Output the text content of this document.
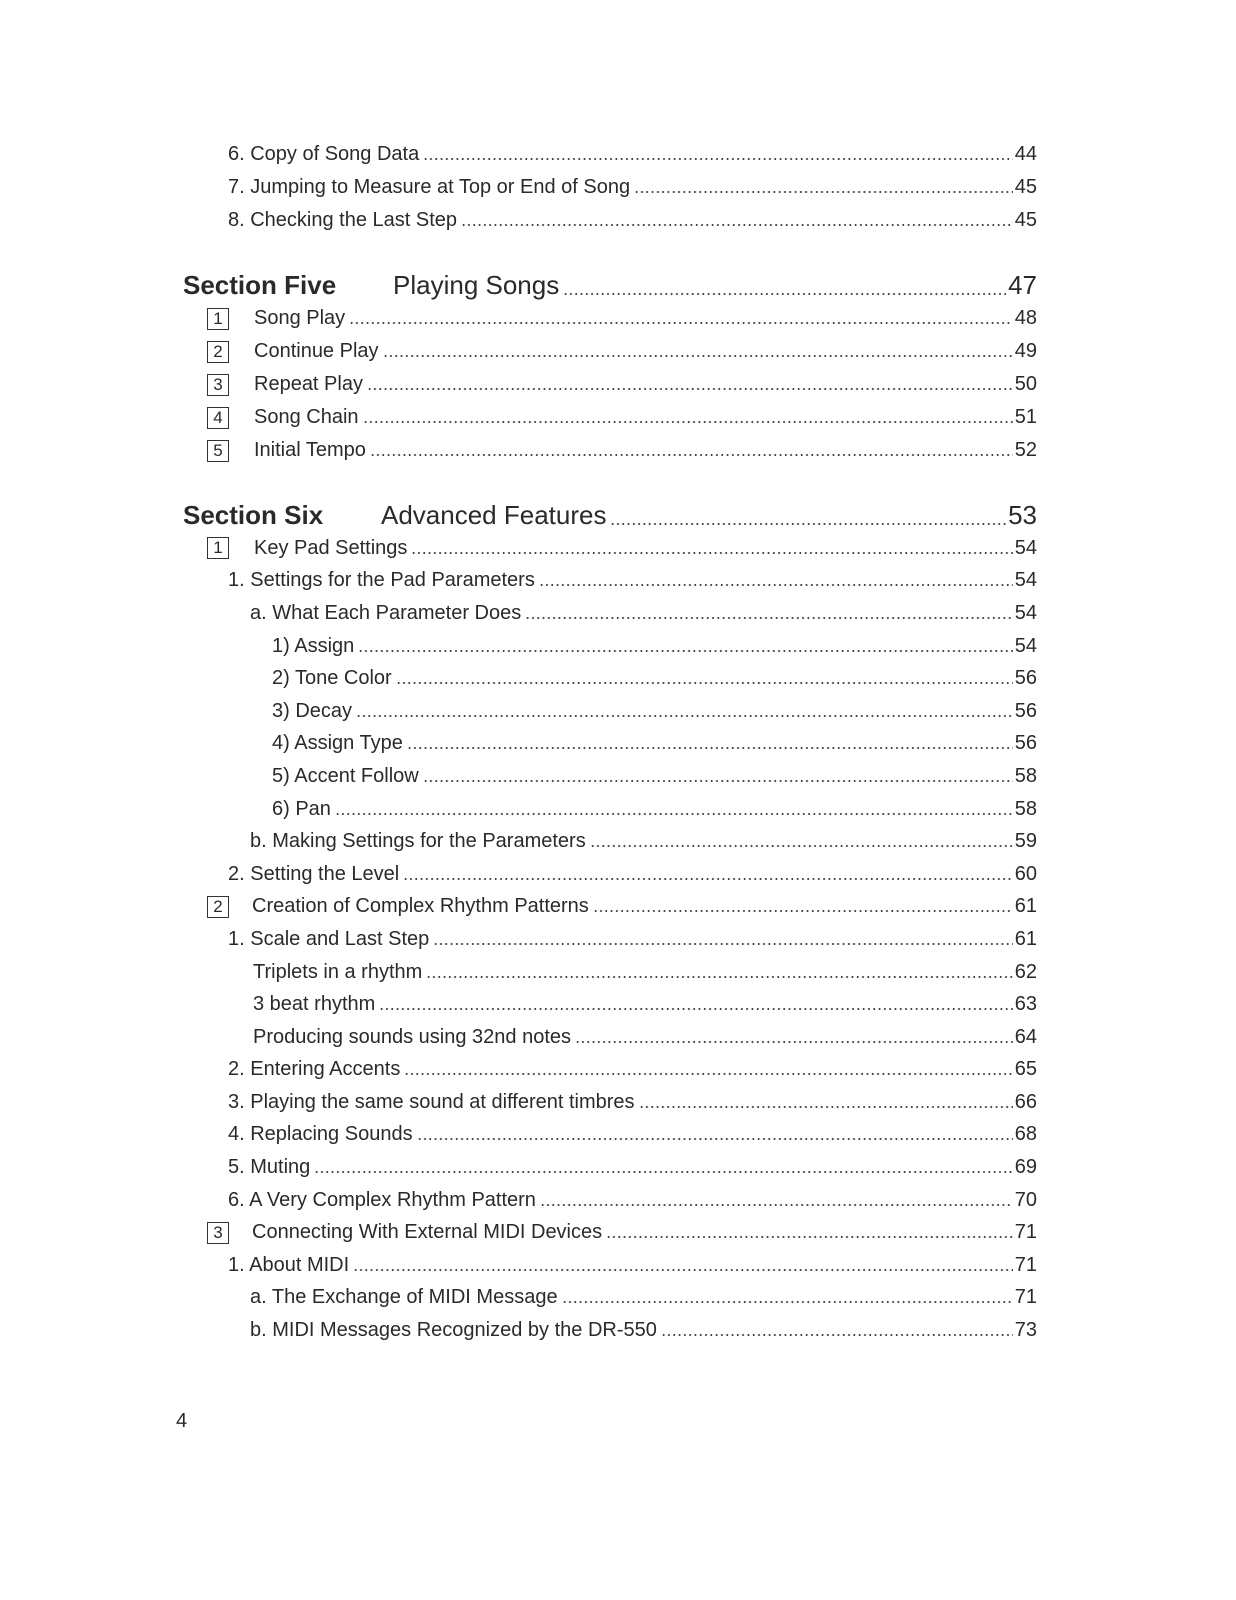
6. Copy of Song Data	44
7. Jumping to Measure at Top or End of Song	45
8. Checking the Last Step	45
Section Five Playing Songs	47
1	Song Play	48
2	Continue Play	49
3	Repeat Play	50
4	Song Chain	51
5	Initial Tempo	52
Section Six Advanced Features	53
1	Key Pad Settings	54
1. Settings for the Pad Parameters	54
a. What Each Parameter Does	54
1) Assign	54
2) Tone Color	56
3) Decay	56
4) Assign Type	56
5) Accent Follow	58
6) Pan	58
b. Making Settings for the Parameters	59
2. Setting the Level	60
2	Creation of Complex Rhythm Patterns	61
1. Scale and Last Step	61
Triplets in a rhythm	62
3 beat rhythm	63
Producing sounds using 32nd notes	64
2. Entering Accents	65
3. Playing the same sound at different timbres	66
4. Replacing Sounds	68
5. Muting	69
6. A Very Complex Rhythm Pattern	70
3	Connecting With External MIDI Devices	71
1. About MIDI	71
a. The Exchange of MIDI Message	71
b. MIDI Messages Recognized by the DR-550	73
4
